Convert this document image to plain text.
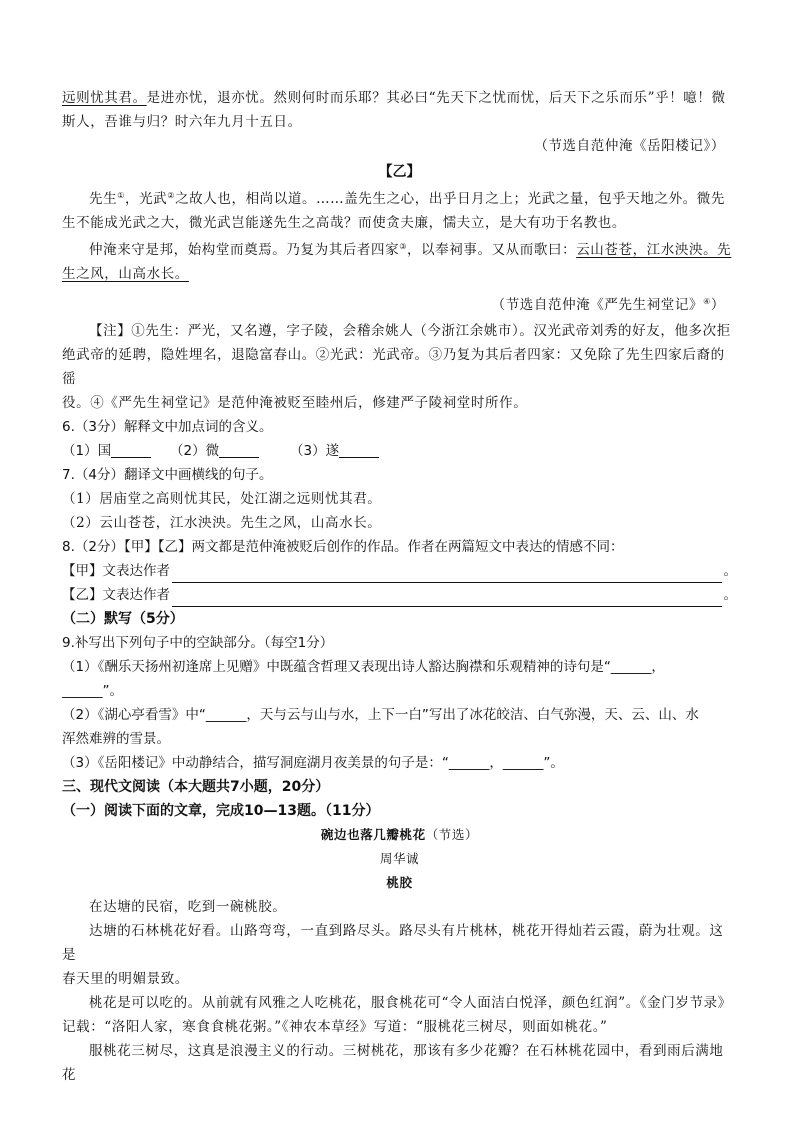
远则忧其君。是进亦忧，退亦忧。然则何时而乐耶？其必曰“先天下之忧而忧，后天下之乐而乐”乎！噫！微

斯人，吾谁与归？时六年九月十五日。

（节选自范仲淹《岳阳楼记》）

【乙】

先生①，光武②之故人也，相尚以道。……盖先生之心，出乎日月之上；光武之量，包乎天地之外。微先

生不能成光武之大，微光武岂能遂先生之高哉？而使贪夫廉，懦夫立，是大有功于名教也。

仲淹来守是邦，始构堂而奠焉。乃复为其后者四家③，以奉祠事。又从而歌曰：云山苍苍，江水泱泱。先

生之风，山高水长。

（节选自范仲淹《严先生祠堂记》④）

【注】①先生：严光，又名遵，字子陵，会稽余姚人（今浙江余姚市）。汉光武帝刘秀的好友，他多次拒

绝武帝的延聘，隐姓埋名，退隐富春山。②光武：光武帝。③乃复为其后者四家：又免除了先生四家后裔的徭

役。④《严先生祠堂记》是范仲淹被贬至睦州后，修建严子陵祠堂时所作。

6.（3分）解释文中加点词的含义。

（1）国	（2）微	（3）遂

7.（4分）翻译文中画横线的句子。

（1）居庙堂之高则忧其民，处江湖之远则忧其君。

（2）云山苍苍，江水泱泱。先生之风，山高水长。

8.（2分）【甲】【乙】两文都是范仲淹被贬后创作的作品。作者在两篇短文中表达的情感不同：

【甲】文表达作者	。
【乙】文表达作者	。

（二）默写（5分）

9.补写出下列句子中的空缺部分。（每空1分）

（1）《酬乐天扬州初逢席上见赠》中既蕴含哲理又表现出诗人豁达胸襟和乐观精神的诗句是“______，

______”。

（2）《湖心亭看雪》中“______，天与云与山与水，上下一白”写出了冰花皎洁、白气弥漫，天、云、山、水

浑然难辨的雪景。

（3）《岳阳楼记》中动静结合，描写洞庭湖月夜美景的句子是：“______，______”。

三、现代文阅读（本大题共7小题，20分）

（一）阅读下面的文章，完成10—13题。（11分）

碗边也落几瓣桃花（节选）

周华诚

桃胶

在达塘的民宿，吃到一碗桃胶。

达塘的石林桃花好看。山路弯弯，一直到路尽头。路尽头有片桃林，桃花开得灿若云霞，蔚为壮观。这是

春天里的明媚景致。

桃花是可以吃的。从前就有风雅之人吃桃花，服食桃花可“令人面洁白悦泽，颜色红润”。《金门岁节录》

记载：“洛阳人家，寒食食桃花粥。”《神农本草经》写道：“服桃花三树尽，则面如桃花。”

服桃花三树尽，这真是浪漫主义的行动。三树桃花，那该有多少花瓣？在石林桃花园中，看到雨后满地花
